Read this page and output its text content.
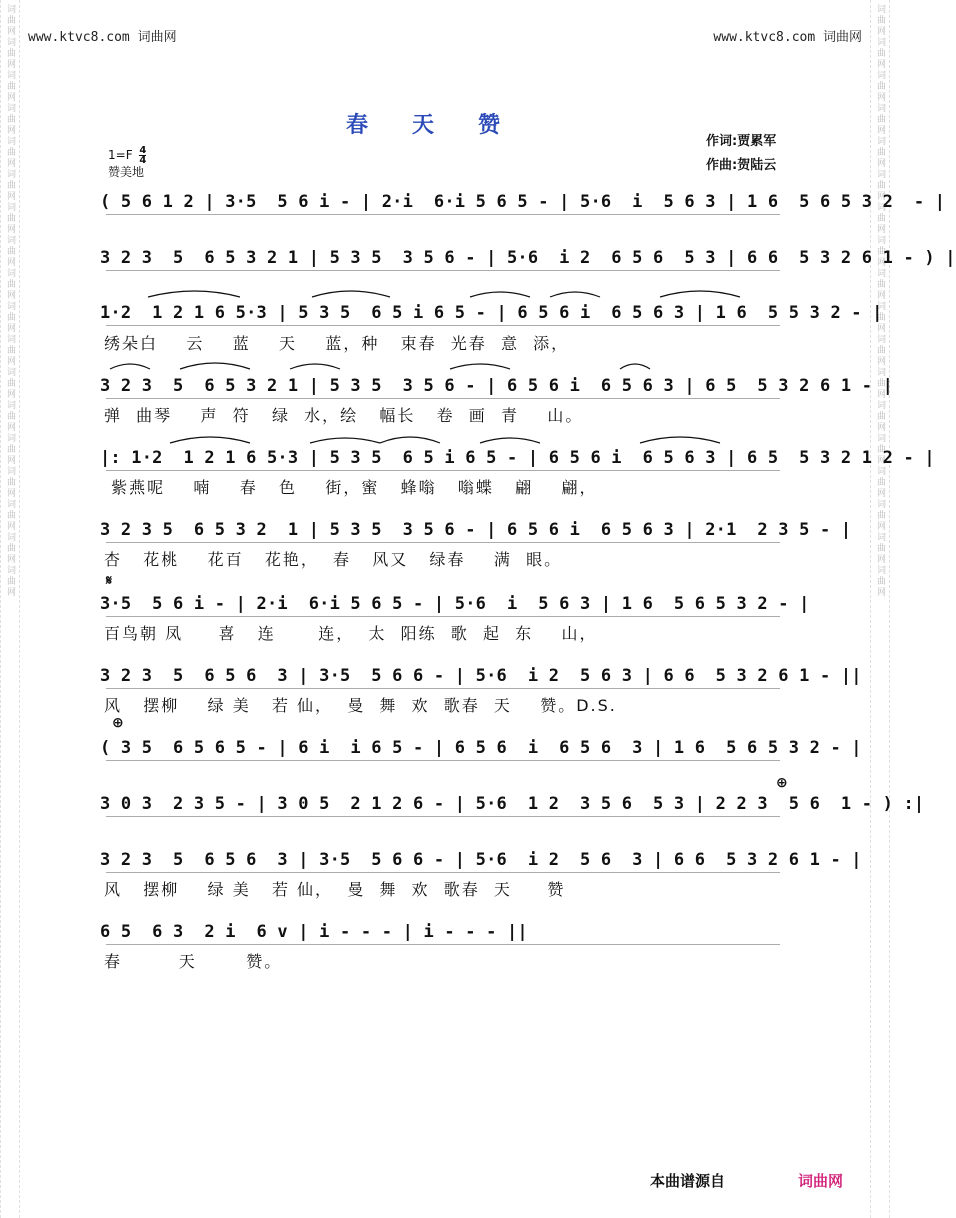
词曲网词曲网词曲网词曲网词曲网词曲网词曲网词曲网词曲网词曲网词曲网词曲网词曲网词曲网词曲网词曲网词曲网词曲网	词曲网词曲网词曲网词曲网词曲网词曲网词曲网词曲网词曲网词曲网词曲网词曲网词曲网词曲网词曲网词曲网词曲网词曲网
www.ktvc8.com 词曲网	www.ktvc8.com 词曲网
春天赞
作词:贾累军
作曲:贺陆云
$1=F \frac{4}{4}$
赞美地
( 5 6 1 2 | 3·5  5 6 i - | 2·i  6·i 5 6 5 - | 5·6  i  5 6 3 | 1 6  5 6 5 3 2  - |
3 2 3  5  6 5 3 2 1 | 5 3 5  3 5 6 - | 5·6  i 2  6 5 6  5 3 | 6 6  5 3 2 6 1 - ) |
1·2  1 2 1 6 5·3 | 5 3 5  6 5 i 6 5 - | 6 5 6 i  6 5 6 3 | 1 6  5 5 3 2 - |
绣朵白    云    蓝    天    蓝，种   束春  光春  意  添，
3 2 3  5  6 5 3 2 1 | 5 3 5  3 5 6 - | 6 5 6 i  6 5 6 3 | 6 5  5 3 2 6 1 - |
弹  曲琴    声  符   绿  水，绘   幅长   卷  画  青    山。
|: 1·2  1 2 1 6 5·3 | 5 3 5  6 5 i 6 5 - | 6 5 6 i  6 5 6 3 | 6 5  5 3 2 1 2 - |
紫燕呢    喃    春   色    街，蜜   蜂嗡   嗡蝶   翩    翩，
3 2 3 5  6 5 3 2  1 | 5 3 5  3 5 6 - | 6 5 6 i  6 5 6 3 | 2·1  2 3 5 - |
杏   花桃    花百   花艳，  春   风又   绿春    满  眼。
𝄋
3·5  5 6 i - | 2·i  6·i 5 6 5 - | 5·6  i  5 6 3 | 1 6  5 6 5 3 2 - |
百鸟朝 凤     喜   连      连，  太  阳练  歌  起  东    山，
3 2 3  5  6 5 6  3 | 3·5  5 6 6 - | 5·6  i 2  5 6 3 | 6 6  5 3 2 6 1 - ||
风   摆柳    绿 美   若 仙，  曼  舞  欢  歌春  天    赞。D.S.
⊕
( 3 5  6 5 6 5 - | 6 i  i 6 5 - | 6 5 6  i  6 5 6  3 | 1 6  5 6 5 3 2 - |
⊕
3 0 3  2 3 5 - | 3 0 5  2 1 2 6 - | 5·6  1 2  3 5 6  5 3 | 2 2 3  5 6  1 - ) :|
3 2 3  5  6 5 6  3 | 3·5  5 6 6 - | 5·6  i 2  5 6  3 | 6 6  5 3 2 6 1 - |
风   摆柳    绿 美   若 仙，  曼  舞  欢  歌春  天     赞
6 5  6 3  2 i  6 v | i - - - | i - - - ||
春        天       赞。
本曲谱源自	词曲网
